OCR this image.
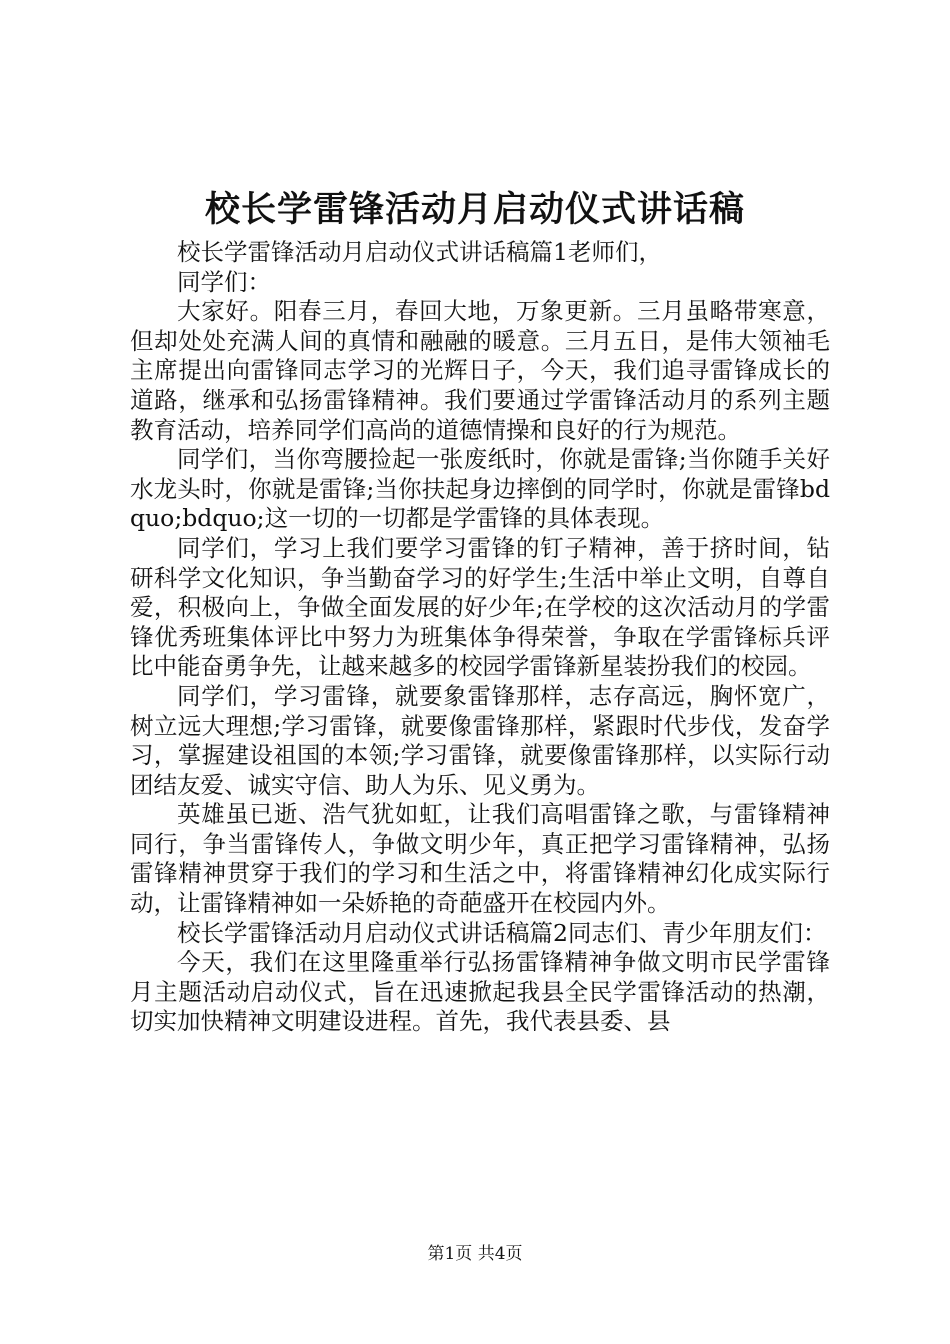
校长学雷锋活动月启动仪式讲话稿

校长学雷锋活动月启动仪式讲话稿篇1老师们，

同学们：

大家好。阳春三月，春回大地，万象更新。三月虽略带寒意，但却处处充满人间的真情和融融的暖意。三月五日，是伟大领袖毛主席提出向雷锋同志学习的光辉日子，今天，我们追寻雷锋成长的道路，继承和弘扬雷锋精神。我们要通过学雷锋活动月的系列主题教育活动，培养同学们高尚的道德情操和良好的行为规范。

同学们，当你弯腰捡起一张废纸时，你就是雷锋;当你随手关好水龙头时，你就是雷锋;当你扶起身边摔倒的同学时，你就是雷锋bdquo;bdquo;这一切的一切都是学雷锋的具体表现。

同学们，学习上我们要学习雷锋的钉子精神，善于挤时间，钻研科学文化知识，争当勤奋学习的好学生;生活中举止文明，自尊自爱，积极向上，争做全面发展的好少年;在学校的这次活动月的学雷锋优秀班集体评比中努力为班集体争得荣誉，争取在学雷锋标兵评比中能奋勇争先，让越来越多的校园学雷锋新星装扮我们的校园。

同学们，学习雷锋，就要象雷锋那样，志存高远，胸怀宽广，树立远大理想;学习雷锋，就要像雷锋那样，紧跟时代步伐，发奋学习，掌握建设祖国的本领;学习雷锋，就要像雷锋那样，以实际行动团结友爱、诚实守信、助人为乐、见义勇为。

英雄虽已逝、浩气犹如虹，让我们高唱雷锋之歌，与雷锋精神同行，争当雷锋传人，争做文明少年，真正把学习雷锋精神，弘扬雷锋精神贯穿于我们的学习和生活之中，将雷锋精神幻化成实际行动，让雷锋精神如一朵娇艳的奇葩盛开在校园内外。

校长学雷锋活动月启动仪式讲话稿篇2同志们、青少年朋友们：

今天，我们在这里隆重举行弘扬雷锋精神争做文明市民学雷锋月主题活动启动仪式，旨在迅速掀起我县全民学雷锋活动的热潮，切实加快精神文明建设进程。首先，我代表县委、县

第1页 共4页
